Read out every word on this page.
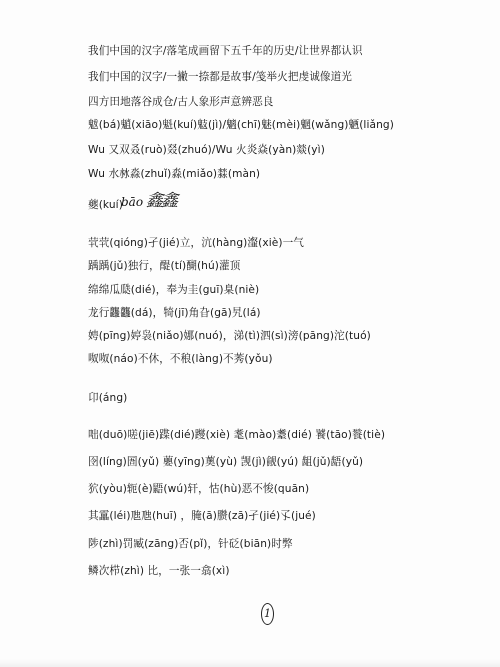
我们中国的汉字/落笔成画留下五千年的历史/让世界都认识
我们中国的汉字/一撇一捺都是故事/笺举火把虔诚像道光
四方田地落谷成仓/古人象形声意辨恶良
魃(bá)魈(xiāo)魁(kuí)鬾(jì)/魑(chī)魅(mèi)魍(wǎng)魉(liǎng)
Wu 又双叒(ruò)叕(zhuó)/Wu 火炎焱(yàn)燚(yì)
Wu 水沝淼(zhuǐ)淼(miǎo)㵘(màn)
夔(kuí)
bāo 鑫鑫
茕茕(qióng)孑(jié)立，沆(hàng)瀣(xiè)一气
踽踽(jǔ)独行，醍(tí)醐(hú)灌顶
绵绵瓜瓞(dié)，奉为圭(guī)臬(niè)
龙行龘龘(dá)，犄(jī)角旮(gā)旯(lá)
娉(pīng)婷袅(niǎo)娜(nuó)，涕(tì)泗(sì)滂(pāng)沱(tuó)
呶呶(náo)不休，不稂(làng)不莠(yǒu)
卬(áng)
咄(duō)嗟(jiē)蹀(dié)躞(xiè) 耄(mào)耋(dié) 饕(tāo)餮(tiè)
囹(líng)圄(yǔ) 蘡(yīng)薁(yù) 觊(jì)觎(yú) 龃(jǔ)龉(yǔ)
狖(yòu)轭(è)鼯(wú)轩，怙(hù)恶不悛(quān)
其靁(léi)虺虺(huī) ，腌(ā)臜(zā)孑(jié)孓(jué)
陟(zhì)罚臧(zāng)否(pǐ)，针砭(biān)时弊
鳞次栉(zhì) 比，一张一翕(xì)
1
